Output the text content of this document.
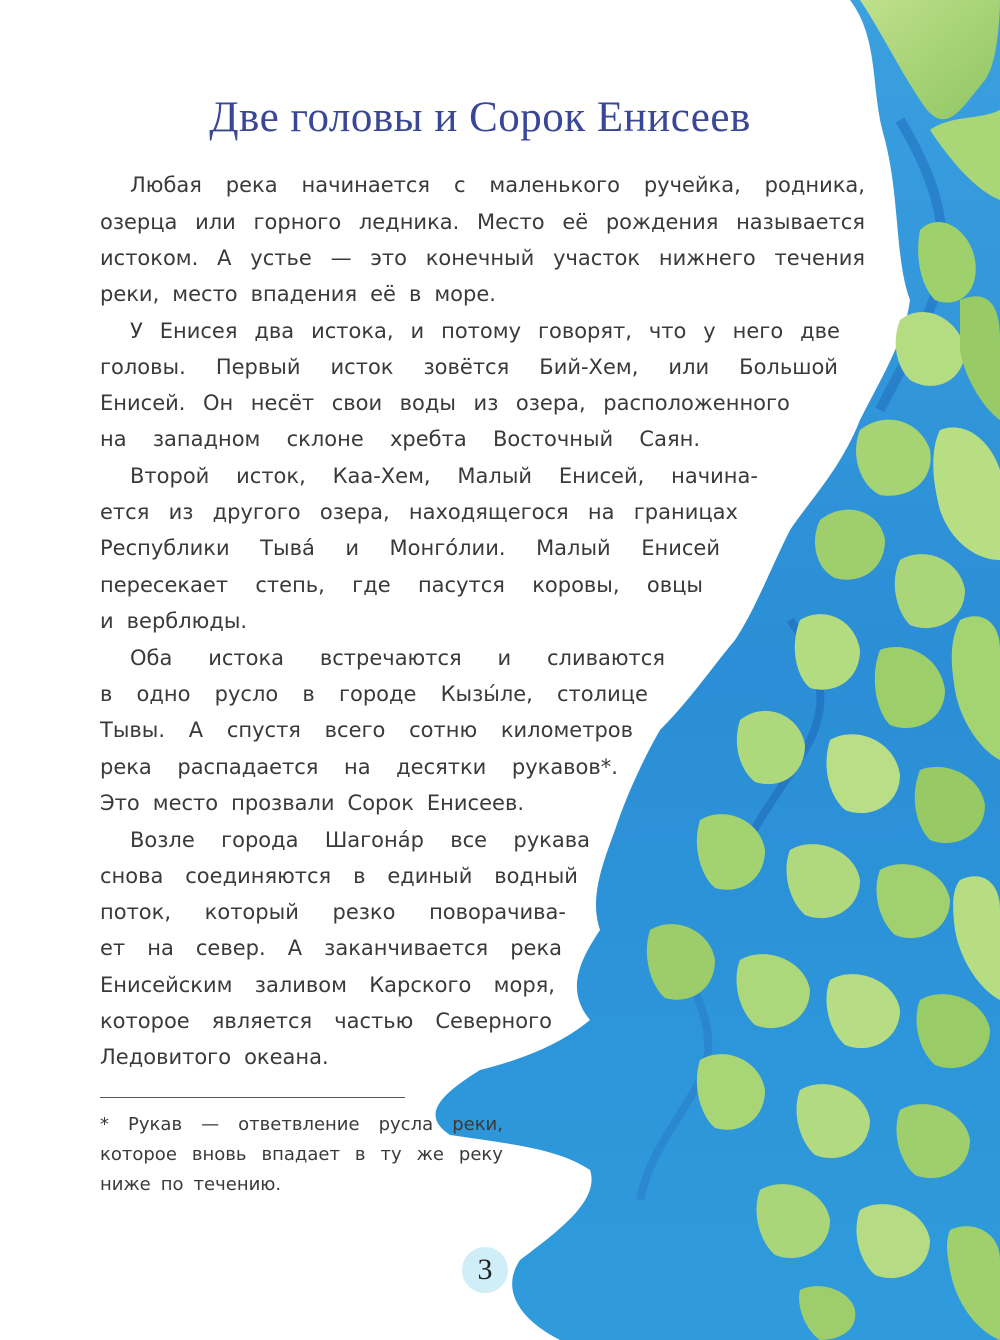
Две головы и Сорок Енисеев

Любая река начинается с маленького ручейка, родника,

озерца или горного ледника. Место её рождения называется

истоком. А устье — это конечный участок нижнего течения

реки, место впадения её в море.

У Енисея два истока, и потому говорят, что у него две

головы. Первый исток зовётся Бий-Хем, или Большой

Енисей. Он несёт свои воды из озера, расположенного

на западном склоне хребта Восточный Саян.

Второй исток, Каа-Хем, Малый Енисей, начина-

ется из другого озера, находящегося на границах

Республики Тыва́ и Монго́лии. Малый Енисей

пересекает степь, где пасутся коровы, овцы

и верблюды.

Оба истока встречаются и сливаются

в одно русло в городе Кызы́ле, столице

Тывы. А спустя всего сотню километров

река распадается на десятки рукавов*.

Это место прозвали Сорок Енисеев.

Возле города Шагона́р все рукава

снова соединяются в единый водный

поток, который резко поворачива-

ет на север. А заканчивается река

Енисейским заливом Карского моря,

которое является частью Северного

Ледовитого океана.

* Рукав — ответвление русла реки,

которое вновь впадает в ту же реку

ниже по течению.

3
